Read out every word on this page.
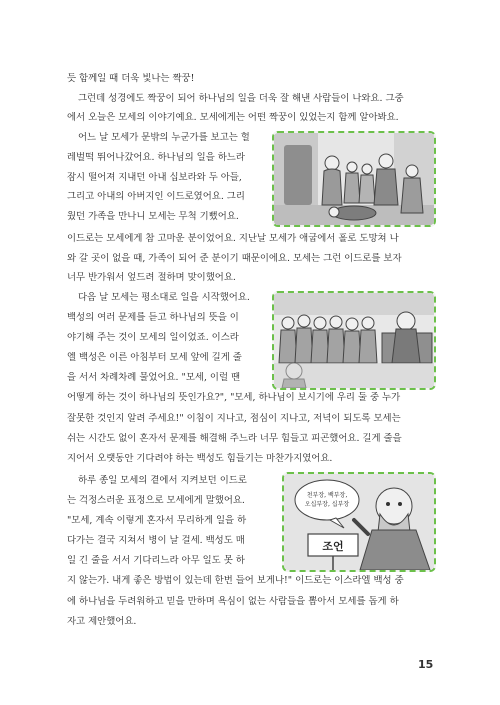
듯 함께일 때 더욱 빛나는 짝꿍!
그런데 성경에도 짝꿍이 되어 하나님의 일을 더욱 잘 해낸 사람들이 나와요. 그중
에서 오늘은 모세의 이야기예요. 모세에게는 어떤 짝꿍이 있었는지 함께 알아봐요.
어느 날 모세가 문밖의 누군가를 보고는 헐
레벌떡 뛰어나갔어요. 하나님의 일을 하느라
잠시 떨어져 지내던 아내 십보라와 두 아들,
그리고 아내의 아버지인 이드로였어요. 그리
웠던 가족을 만나니 모세는 무척 기뻤어요.
이드로는 모세에게 참 고마운 분이었어요. 지난날 모세가 애굽에서 홀로 도망쳐 나
와 갈 곳이 없을 때, 가족이 되어 준 분이기 때문이에요. 모세는 그런 이드로를 보자
너무 반가워서 엎드려 절하며 맞이했어요.
다음 날 모세는 평소대로 일을 시작했어요.
백성의 여러 문제를 듣고 하나님의 뜻을 이
야기해 주는 것이 모세의 일이었죠. 이스라
엘 백성은 이른 아침부터 모세 앞에 길게 줄
을 서서 차례차례 물었어요. "모세, 이럴 땐
어떻게 하는 것이 하나님의 뜻인가요?", "모세, 하나님이 보시기에 우리 둘 중 누가
잘못한 것인지 알려 주세요!" 이침이 지나고, 점심이 지나고, 저녁이 되도록 모세는
쉬는 시간도 없이 혼자서 문제를 해결해 주느라 너무 힘들고 피곤했어요. 길게 줄을
지어서 오랫동안 기다려야 하는 백성도 힘들기는 마찬가지였어요.
하루 종일 모세의 곁에서 지켜보던 이드로
는 걱정스러운 표정으로 모세에게 말했어요.
"모세, 계속 이렇게 혼자서 무리하게 일을 하
다가는 결국 지쳐서 병이 날 걸세. 백성도 매
일 긴 줄을 서서 기다리느라 아무 일도 못 하
지 않는가. 내게 좋은 방법이 있는데 한번 들어 보게나!" 이드로는 이스라엘 백성 중
에 하나님을 두려워하고 믿을 만하며 욕심이 없는 사람들을 뽑아서 모세를 돕게 하
자고 제안했어요.
천부장, 백부장,
오십부장, 십부장
조언
15
